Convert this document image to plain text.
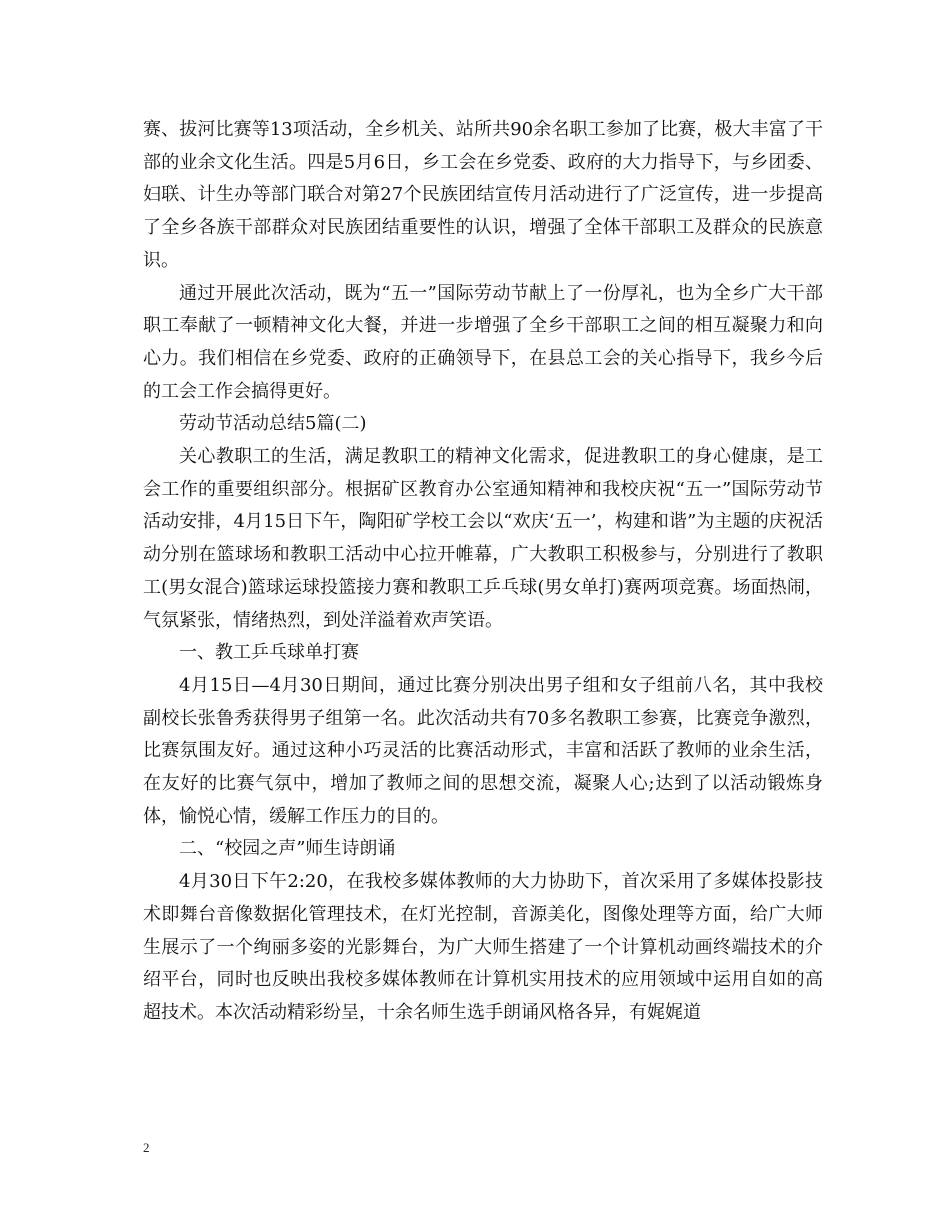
赛、拔河比赛等13项活动，全乡机关、站所共90余名职工参加了比赛，极大丰富了干部的业余文化生活。四是5月6日，乡工会在乡党委、政府的大力指导下，与乡团委、妇联、计生办等部门联合对第27个民族团结宣传月活动进行了广泛宣传，进一步提高了全乡各族干部群众对民族团结重要性的认识，增强了全体干部职工及群众的民族意识。

通过开展此次活动，既为“五一”国际劳动节献上了一份厚礼，也为全乡广大干部职工奉献了一顿精神文化大餐，并进一步增强了全乡干部职工之间的相互凝聚力和向心力。我们相信在乡党委、政府的正确领导下，在县总工会的关心指导下，我乡今后的工会工作会搞得更好。

劳动节活动总结5篇(二)

关心教职工的生活，满足教职工的精神文化需求，促进教职工的身心健康，是工会工作的重要组织部分。根据矿区教育办公室通知精神和我校庆祝“五一”国际劳动节活动安排，4月15日下午，陶阳矿学校工会以“欢庆‘五一’，构建和谐”为主题的庆祝活动分别在篮球场和教职工活动中心拉开帷幕，广大教职工积极参与，分别进行了教职工(男女混合)篮球运球投篮接力赛和教职工乒乓球(男女单打)赛两项竞赛。场面热闹，气氛紧张，情绪热烈，到处洋溢着欢声笑语。

一、教工乒乓球单打赛

4月15日—4月30日期间，通过比赛分别决出男子组和女子组前八名，其中我校副校长张鲁秀获得男子组第一名。此次活动共有70多名教职工参赛，比赛竞争激烈，比赛氛围友好。通过这种小巧灵活的比赛活动形式，丰富和活跃了教师的业余生活，在友好的比赛气氛中，增加了教师之间的思想交流，凝聚人心;达到了以活动锻炼身体，愉悦心情，缓解工作压力的目的。

二、“校园之声”师生诗朗诵

4月30日下午2:20，在我校多媒体教师的大力协助下，首次采用了多媒体投影技术即舞台音像数据化管理技术，在灯光控制，音源美化，图像处理等方面，给广大师生展示了一个绚丽多姿的光影舞台，为广大师生搭建了一个计算机动画终端技术的介绍平台，同时也反映出我校多媒体教师在计算机实用技术的应用领域中运用自如的高超技术。本次活动精彩纷呈，十余名师生选手朗诵风格各异，有娓娓道

2
